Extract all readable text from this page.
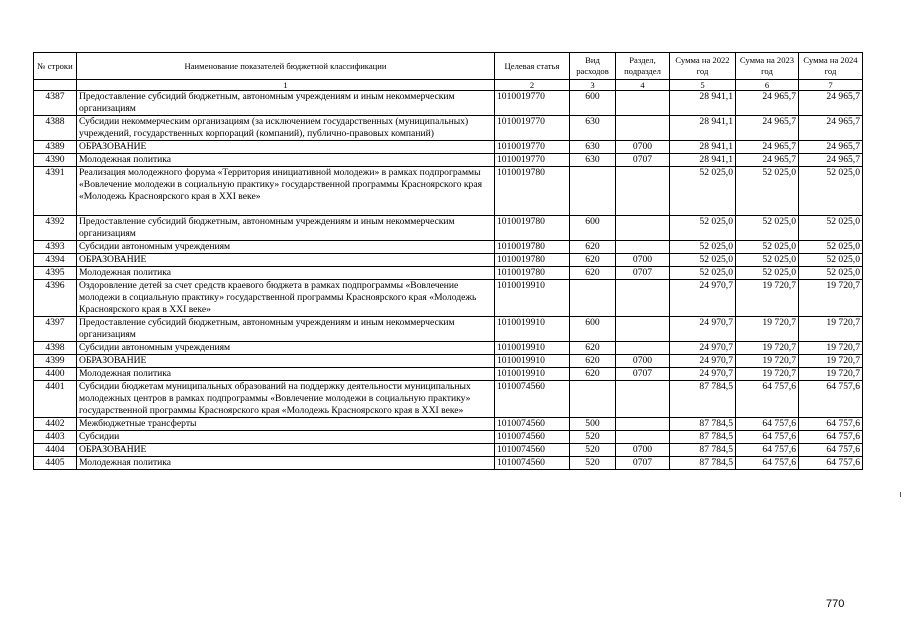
№ строки	Наименование показателей бюджетной классификации	Целевая статья	Вид расходов	Раздел, подраздел	Сумма на 2022 год	Сумма на 2023 год	Сумма на 2024 год
	1	2	3	4	5	6	7
4387	Предоставление субсидий бюджетным, автономным учреждениям и иным некоммерческим организациям	1010019770	600		28 941,1	24 965,7	24 965,7
4388	Субсидии некоммерческим организациям (за исключением государственных (муниципальных) учреждений, государственных корпораций (компаний), публично-правовых компаний)	1010019770	630		28 941,1	24 965,7	24 965,7
4389	ОБРАЗОВАНИЕ	1010019770	630	0700	28 941,1	24 965,7	24 965,7
4390	Молодежная политика	1010019770	630	0707	28 941,1	24 965,7	24 965,7
4391	Реализация молодежного форума «Территория инициативной молодежи» в рамках подпрограммы «Вовлечение молодежи в социальную практику» государственной программы Красноярского края «Молодежь Красноярского края в XXI веке»	1010019780			52 025,0	52 025,0	52 025,0
4392	Предоставление субсидий бюджетным, автономным учреждениям и иным некоммерческим организациям	1010019780	600		52 025,0	52 025,0	52 025,0
4393	Субсидии автономным учреждениям	1010019780	620		52 025,0	52 025,0	52 025,0
4394	ОБРАЗОВАНИЕ	1010019780	620	0700	52 025,0	52 025,0	52 025,0
4395	Молодежная политика	1010019780	620	0707	52 025,0	52 025,0	52 025,0
4396	Оздоровление детей за счет средств краевого бюджета в рамках подпрограммы «Вовлечение молодежи в социальную практику» государственной программы Красноярского края «Молодежь Красноярского края в XXI веке»	1010019910			24 970,7	19 720,7	19 720,7
4397	Предоставление субсидий бюджетным, автономным учреждениям и иным некоммерческим организациям	1010019910	600		24 970,7	19 720,7	19 720,7
4398	Субсидии автономным учреждениям	1010019910	620		24 970,7	19 720,7	19 720,7
4399	ОБРАЗОВАНИЕ	1010019910	620	0700	24 970,7	19 720,7	19 720,7
4400	Молодежная политика	1010019910	620	0707	24 970,7	19 720,7	19 720,7
4401	Субсидии бюджетам муниципальных образований на поддержку деятельности муниципальных молодежных центров в рамках подпрограммы «Вовлечение молодежи в социальную практику» государственной программы Красноярского края «Молодежь Красноярского края в XXI веке»	1010074560			87 784,5	64 757,6	64 757,6
4402	Межбюджетные трансферты	1010074560	500		87 784,5	64 757,6	64 757,6
4403	Субсидии	1010074560	520		87 784,5	64 757,6	64 757,6
4404	ОБРАЗОВАНИЕ	1010074560	520	0700	87 784,5	64 757,6	64 757,6
4405	Молодежная политика	1010074560	520	0707	87 784,5	64 757,6	64 757,6
770
